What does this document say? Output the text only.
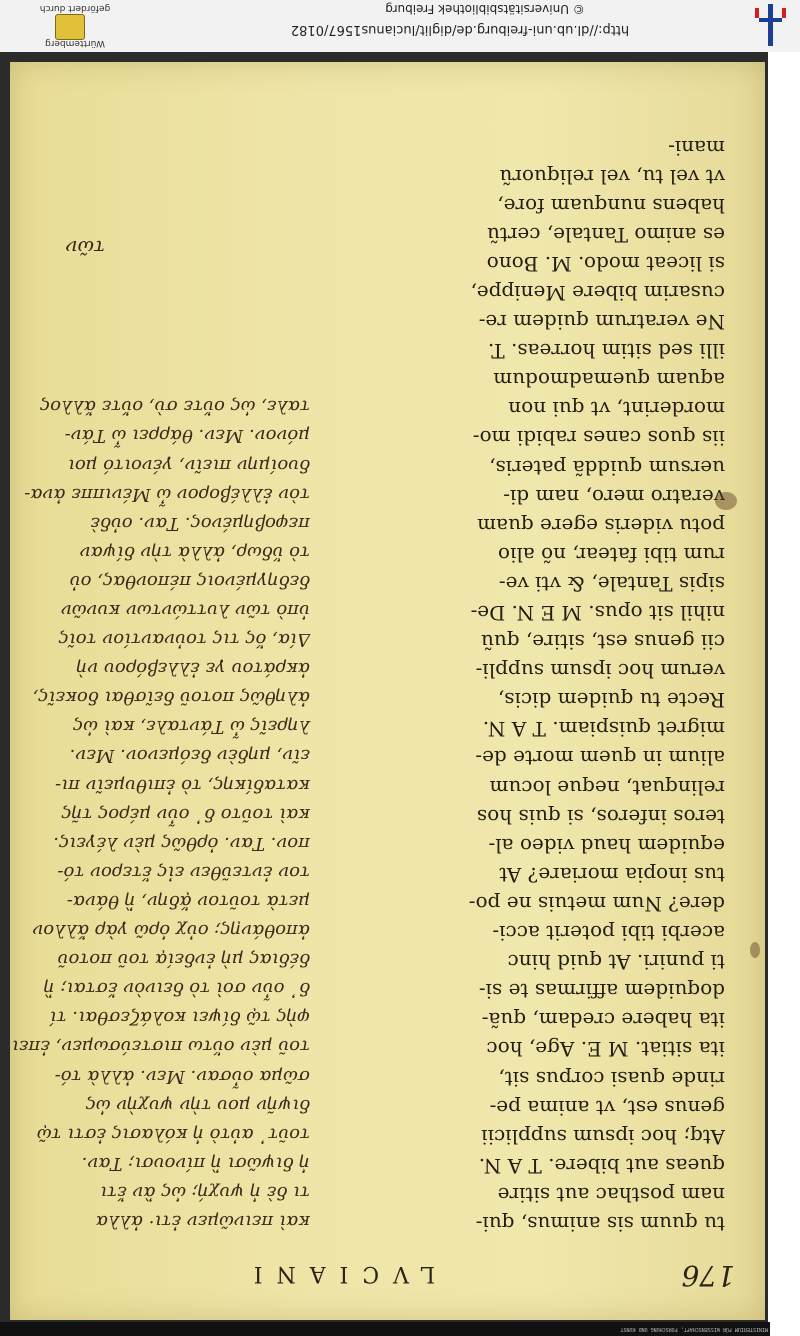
© Universitätsbibliothek Freiburg
http://dl.ub.uni-freiburg.de/diglit/lucianus1567/0182
Württemberg
gefördert durch
176
LVCIANI
tu quum sis animus, qui-
nam posthac aut sitire
queas aut bibere. T A N.
Atq; hoc ipsum supplicii
genus est, vt anima pe-
rinde quasi corpus sit,
ita sitiat. M E. Age, hoc
ita habere credam, quã-
doquidem affirmas te si-
ti puniri. At quid hinc
acerbi tibi poterit acci-
dere? Num metuis ne po-
tus inopia moriare? At
equidem haud video al-
teros inferos, si quis hos
relinquat, neque locum
alium in quem morte de-
migret quispiam. T A N.
Recte tu quidem dicis,
verum hoc ipsum suppli-
cii genus est, sitire, quũ
nihil sit opus. M E N. De-
sipis Tantale, & vti ve-
rum tibi fatear, nõ alio
potu videris egere quam
veratro mero, nam di-
uersum quiddã pateris,
iis quos canes rabidi mo-
morderint, vt qui non
aquam quemadmodum
illi sed sitim horreas. T.
Ne veratrum quidem re-
cusarim bibere Menippe,
si liceat modo. M. Bono
es animo Tantale, certũ
habens nunquam fore,
vt vel tu, vel reliquorũ
mani-
καὶ πεινῶμεν ἐτι· ἀλλα
τι δὲ ἡ ψυχή; ὡς ἂν ἔτι
ἡ διψῶσι ἢ πίνουσι; Ταν.
τοῦτ᾽ αὐτὸ ἡ κόλασις ἐστι τῷ
διψῆν μου τὴν ψυχὴν ὡς
σῶμα οὖσαν. Μεν. ἀλλὰ τό-
τοῦ μὲν οὕτω πιστεύσωμεν, ἐπει
φὴς τῷ δίψει κολάζεσθαι. τί
δ᾽ οὖν σοὶ τὸ δεινὸν ἔσται; ἢ
δέδιας μὴ ἐνδείᾳ τοῦ ποτοῦ
ἀποθάνῃς; οὐχ ὁρῶ γὰρ ἄλλον
μετὰ τοῦτον ᾅδην, ἢ θάνα-
τον ἐντεῦθεν εἰς ἕτερον τό-
πον. Ταν. ὀρθῶς μὲν λέγεις.
καὶ τοῦτο δ᾽ οὖν μέρος τῆς
καταδίκης, τὸ ἐπιθυμεῖν πι-
εῖν, μηδὲν δεόμενον. Μεν.
ληρεῖς ὦ Τάνταλε, καὶ ὡς
ἀληθῶς ποτοῦ δεῖσθαι δοκεῖς,
ἀκράτου γε ἐλλεβόρου νὴ
Δία, ὅς τις τοὐναντίον τοῖς
ὑπὸ τῶν λυττώντων κυνῶν
δεδηγμένοις πέπονθας, οὐ
τὸ ὕδωρ, ἀλλὰ τὴν δίψαν
πεφοβημένος. Ταν. οὐδὲ
τὸν ἐλλέβορον ὦ Μένιππε ἀνα-
δυοίμην πιεῖν, γένοιτό μοι
μόνον. Μεν. θάρρει ὦ Τάν-
ταλε, ὡς οὔτε σὺ, οὔτε ἄλλος
τῶν
MINISTERIUM FÜR WISSENSCHAFT, FORSCHUNG UND KUNST
